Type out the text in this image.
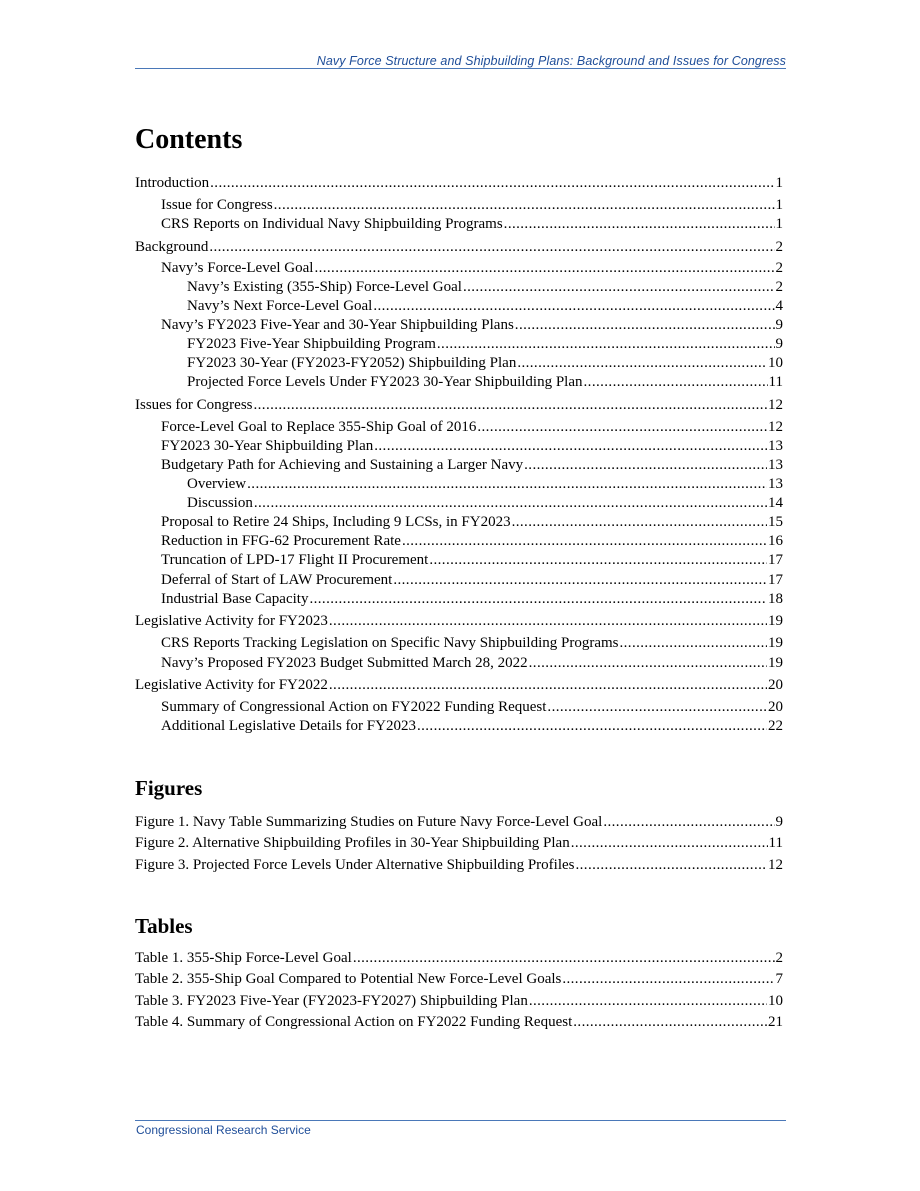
Navy Force Structure and Shipbuilding Plans: Background and Issues for Congress
Contents
Introduction .....	1
Issue for Congress .....	1
CRS Reports on Individual Navy Shipbuilding Programs .....	1
Background .....	2
Navy’s Force-Level Goal .....	2
Navy’s Existing (355-Ship) Force-Level Goal .....	2
Navy’s Next Force-Level Goal .....	4
Navy’s FY2023 Five-Year and 30-Year Shipbuilding Plans .....	9
FY2023 Five-Year Shipbuilding Program .....	9
FY2023 30-Year (FY2023-FY2052) Shipbuilding Plan .....	10
Projected Force Levels Under FY2023 30-Year Shipbuilding Plan .....	11
Issues for Congress .....	12
Force-Level Goal to Replace 355-Ship Goal of 2016 .....	12
FY2023 30-Year Shipbuilding Plan .....	13
Budgetary Path for Achieving and Sustaining a Larger Navy .....	13
Overview .....	13
Discussion .....	14
Proposal to Retire 24 Ships, Including 9 LCSs, in FY2023 .....	15
Reduction in FFG-62 Procurement Rate .....	16
Truncation of LPD-17 Flight II Procurement .....	17
Deferral of Start of LAW Procurement .....	17
Industrial Base Capacity .....	18
Legislative Activity for FY2023 .....	19
CRS Reports Tracking Legislation on Specific Navy Shipbuilding Programs .....	19
Navy’s Proposed FY2023 Budget Submitted March 28, 2022 .....	19
Legislative Activity for FY2022 .....	20
Summary of Congressional Action on FY2022 Funding Request .....	20
Additional Legislative Details for FY2023 .....	22
Figures
Figure 1. Navy Table Summarizing Studies on Future Navy Force-Level Goal .....	9
Figure 2. Alternative Shipbuilding Profiles in 30-Year Shipbuilding Plan .....	11
Figure 3. Projected Force Levels Under Alternative Shipbuilding Profiles .....	12
Tables
Table 1. 355-Ship Force-Level Goal .....	2
Table 2. 355-Ship Goal Compared to Potential New Force-Level Goals .....	7
Table 3. FY2023 Five-Year (FY2023-FY2027) Shipbuilding Plan .....	10
Table 4. Summary of Congressional Action on FY2022 Funding Request .....	21
Congressional Research Service
